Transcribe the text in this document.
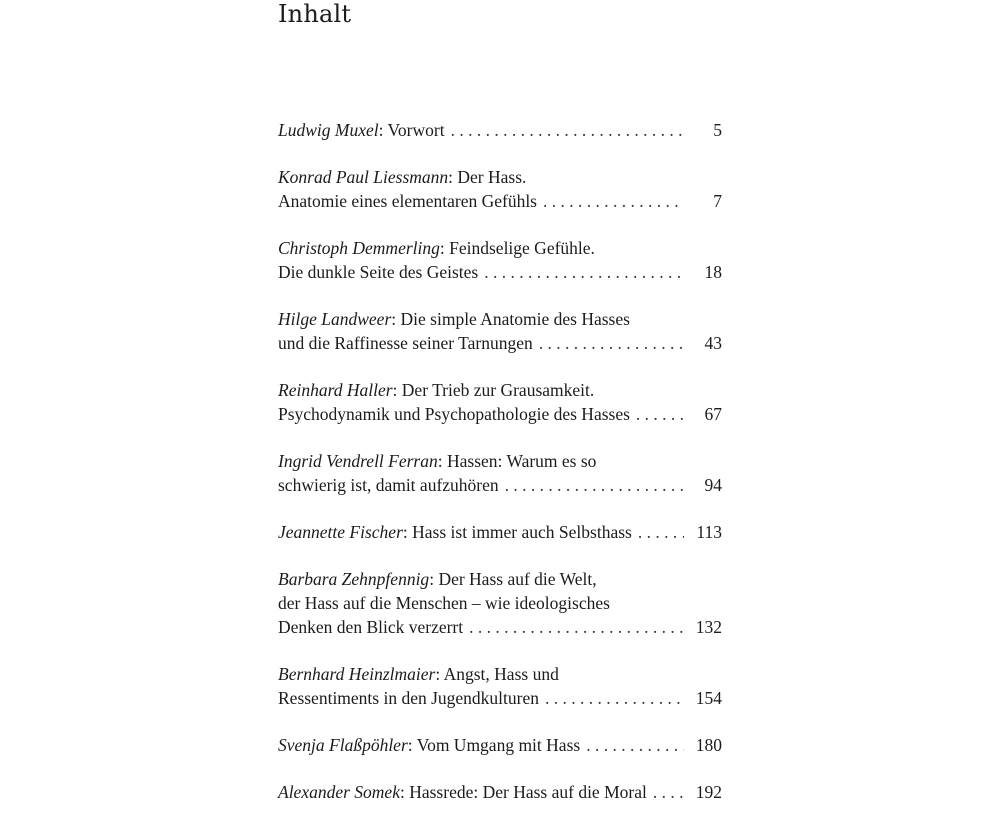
Inhalt
Ludwig Muxel: Vorwort . . .	5
Konrad Paul Liessmann: Der Hass.
Anatomie eines elementaren Gefühls . . .	7
Christoph Demmerling: Feindselige Gefühle.
Die dunkle Seite des Geistes . . .	18
Hilge Landweer: Die simple Anatomie des Hasses
und die Raffinesse seiner Tarnungen . . .	43
Reinhard Haller: Der Trieb zur Grausamkeit.
Psychodynamik und Psychopathologie des Hasses . . .	67
Ingrid Vendrell Ferran: Hassen: Warum es so
schwierig ist, damit aufzuhören . . .	94
Jeannette Fischer: Hass ist immer auch Selbsthass . . .	113
Barbara Zehnpfennig: Der Hass auf die Welt,
der Hass auf die Menschen – wie ideologisches
Denken den Blick verzerrt . . .	132
Bernhard Heinzlmaier: Angst, Hass und
Ressentiments in den Jugendkulturen . . .	154
Svenja Flaßpöhler: Vom Umgang mit Hass . . .	180
Alexander Somek: Hassrede: Der Hass auf die Moral . . .	192
